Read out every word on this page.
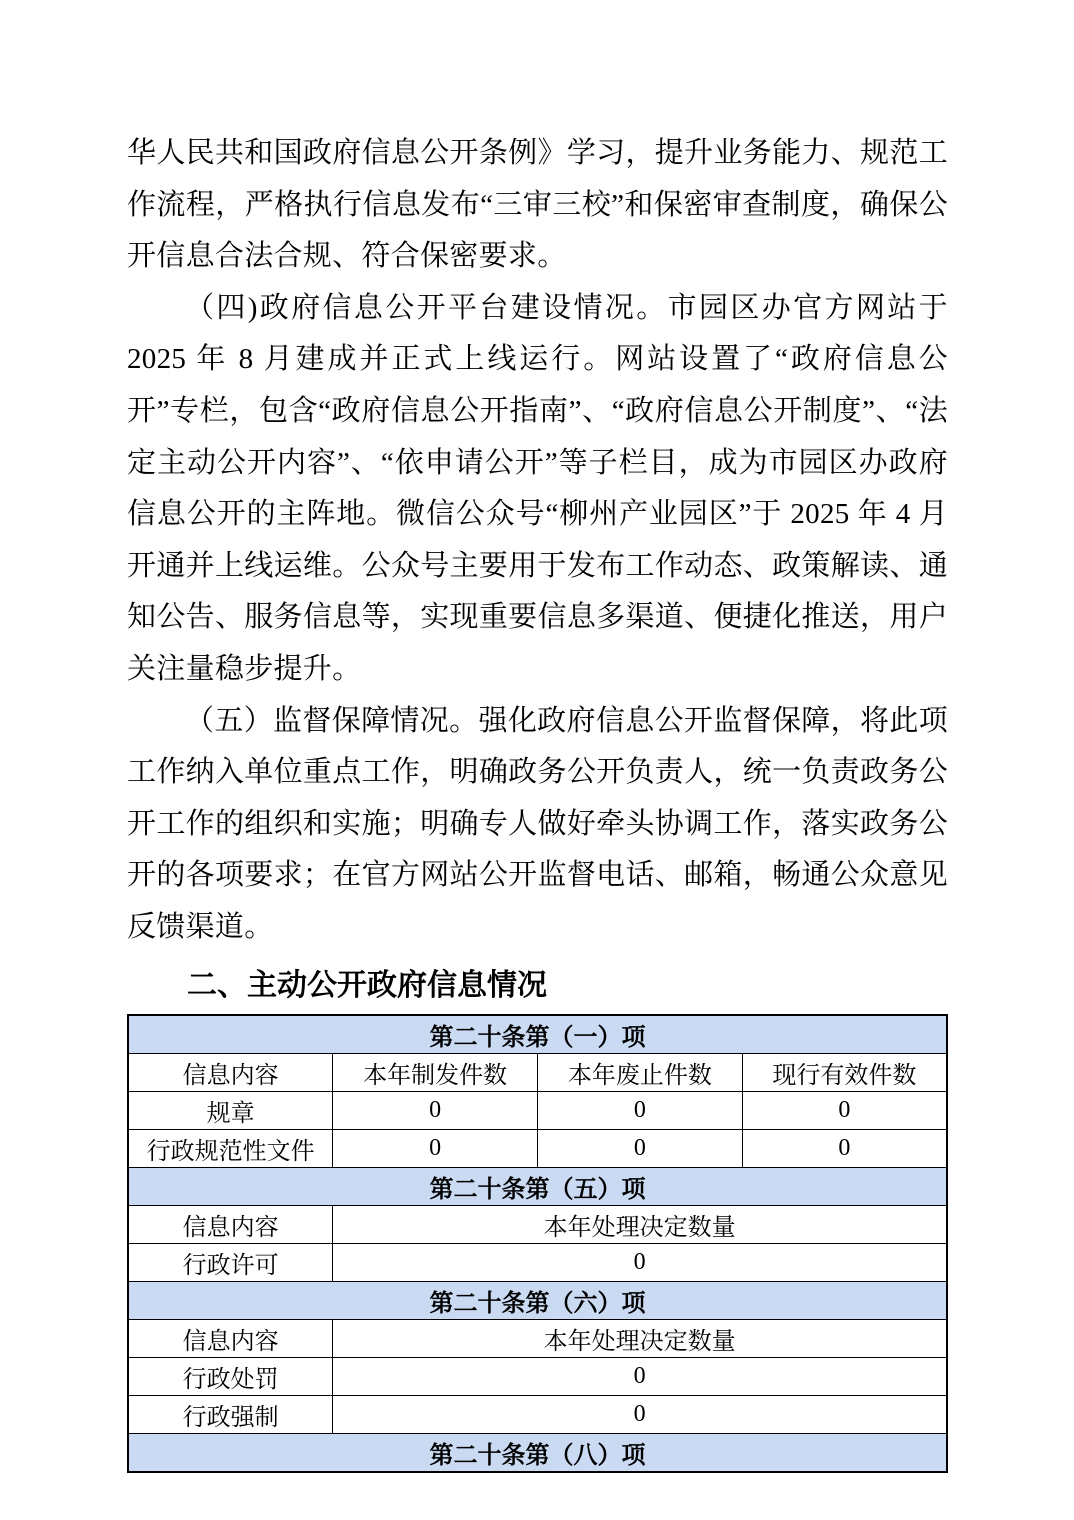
华人民共和国政府信息公开条例》学习，提升业务能力、规范工作流程，严格执行信息发布“三审三校”和保密审查制度，确保公开信息合法合规、符合保密要求。

（四)政府信息公开平台建设情况。市园区办官方网站于 2025 年 8 月建成并正式上线运行。网站设置了“政府信息公开”专栏，包含“政府信息公开指南”、“政府信息公开制度”、“法定主动公开内容”、“依申请公开”等子栏目，成为市园区办政府信息公开的主阵地。微信公众号“柳州产业园区”于 2025 年 4 月开通并上线运维。公众号主要用于发布工作动态、政策解读、通知公告、服务信息等，实现重要信息多渠道、便捷化推送，用户关注量稳步提升。

（五）监督保障情况。强化政府信息公开监督保障，将此项工作纳入单位重点工作，明确政务公开负责人，统一负责政务公开工作的组织和实施；明确专人做好牵头协调工作，落实政务公开的各项要求；在官方网站公开监督电话、邮箱，畅通公众意见反馈渠道。

二、主动公开政府信息情况
第二十条第（一）项			
信息内容	本年制发件数	本年废止件数	现行有效件数
规章	0	0	0
行政规范性文件	0	0	0
第二十条第（五）项			
信息内容	本年处理决定数量		
行政许可	0		
第二十条第（六）项			
信息内容	本年处理决定数量		
行政处罚	0		
行政强制	0		
第二十条第（八）项			
